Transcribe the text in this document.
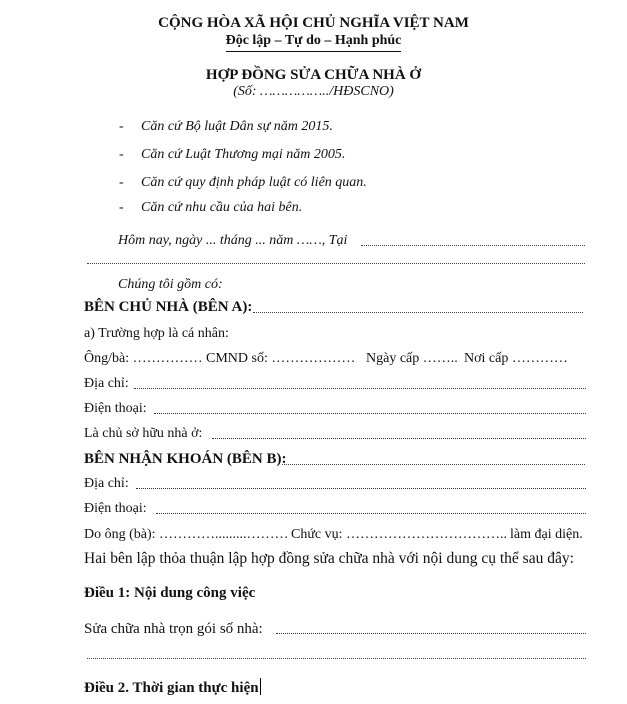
CỘNG HÒA XÃ HỘI CHỦ NGHĨA VIỆT NAM
Độc lập – Tự do – Hạnh phúc
HỢP ĐỒNG SỬA CHỮA NHÀ Ở
(Số: ……………../HĐSCNO)
- Căn cứ Bộ luật Dân sự năm 2015.
- Căn cứ Luật Thương mại năm 2005.
- Căn cứ quy định pháp luật có liên quan.
- Căn cứ nhu cầu của hai bên.
Hôm nay, ngày ... tháng ... năm ……, Tại
Chúng tôi gồm có:
BÊN CHỦ NHÀ (BÊN A):
a) Trường hợp là cá nhân:
Ông/bà: …………… CMND số: ……………… Ngày cấp …….. Nơi cấp …………
Địa chỉ:
Điện thoại:
Là chủ sở hữu nhà ở:
BÊN NHẬN KHOÁN (BÊN B):
Địa chỉ:
Điện thoại:
Do ông (bà): ………….........……… Chức vụ: …………………………….. làm đại diện.
Hai bên lập thỏa thuận lập hợp đồng sửa chữa nhà với nội dung cụ thể sau đây:
Điều 1: Nội dung công việc
Sửa chữa nhà trọn gói số nhà:
Điều 2. Thời gian thực hiện
